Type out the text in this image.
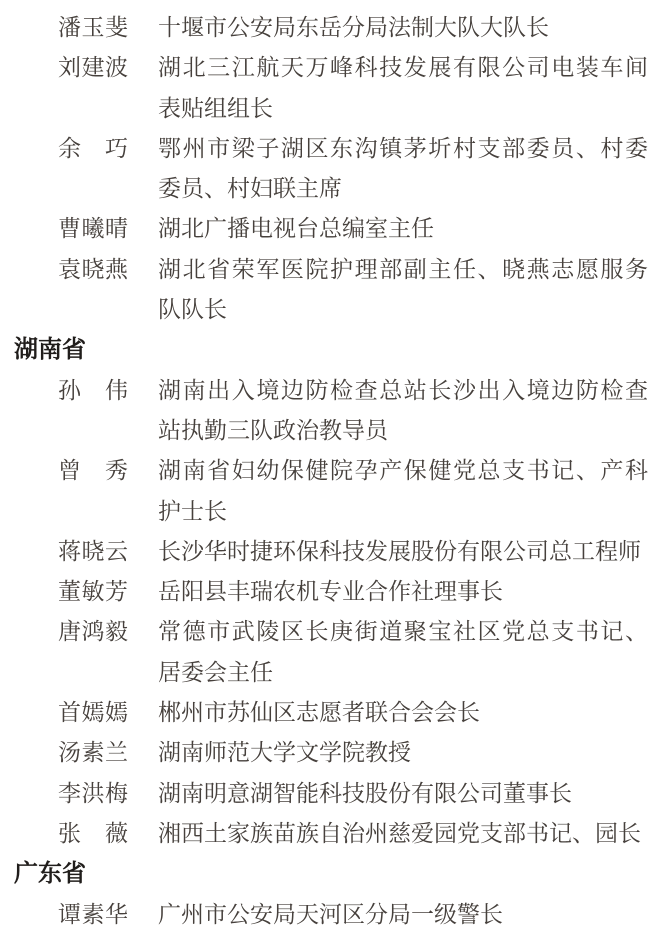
潘玉斐 十堰市公安局东岳分局法制大队大队长
刘建波 湖北三江航天万峰科技发展有限公司电装车间
表贴组组长
余巧 鄂州市梁子湖区东沟镇茅圻村支部委员、村委
委员、村妇联主席
曹曦晴 湖北广播电视台总编室主任
袁晓燕 湖北省荣军医院护理部副主任、晓燕志愿服务
队队长
湖南省
孙伟 湖南出入境边防检查总站长沙出入境边防检查
站执勤三队政治教导员
曾秀 湖南省妇幼保健院孕产保健党总支书记、产科
护士长
蒋晓云 长沙华时捷环保科技发展股份有限公司总工程师
董敏芳 岳阳县丰瑞农机专业合作社理事长
唐鸿毅 常德市武陵区长庚街道聚宝社区党总支书记、
居委会主任
首嫣嫣 郴州市苏仙区志愿者联合会会长
汤素兰 湖南师范大学文学院教授
李洪梅 湖南明意湖智能科技股份有限公司董事长
张薇 湘西土家族苗族自治州慈爱园党支部书记、园长
广东省
谭素华 广州市公安局天河区分局一级警长
